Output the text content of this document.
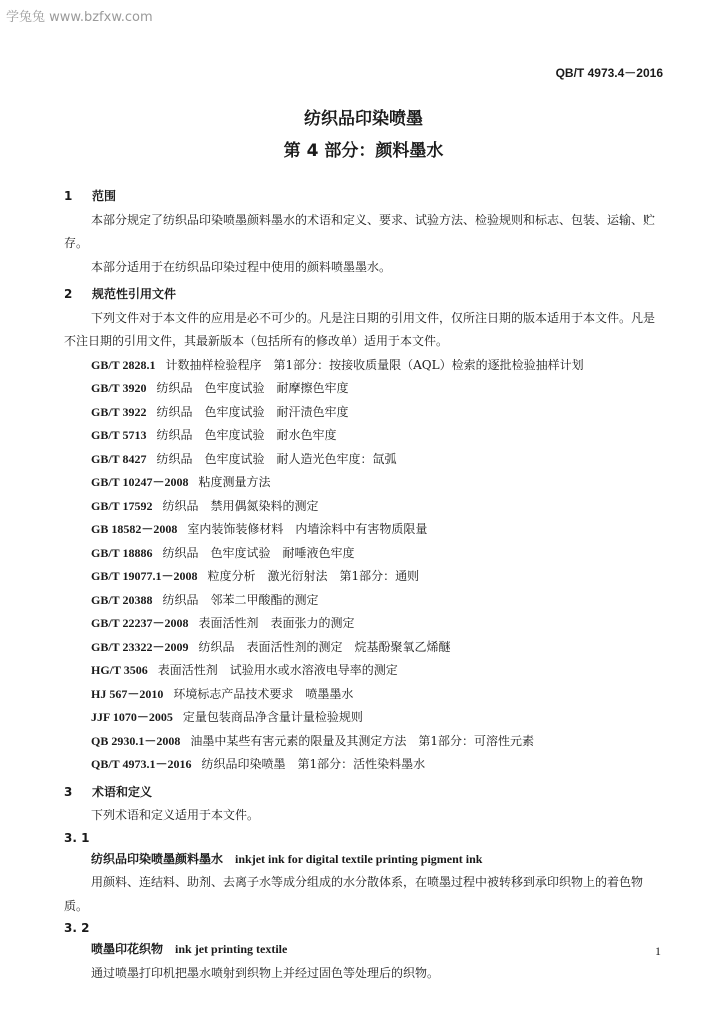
学兔兔 www.bzfxw.com
QB/T 4973.4－2016
纺织品印染喷墨
第 4 部分：颜料墨水
1 范围
本部分规定了纺织品印染喷墨颜料墨水的术语和定义、要求、试验方法、检验规则和标志、包装、运输、贮存。
本部分适用于在纺织品印染过程中使用的颜料喷墨墨水。
2 规范性引用文件
下列文件对于本文件的应用是必不可少的。凡是注日期的引用文件，仅所注日期的版本适用于本文件。凡是不注日期的引用文件，其最新版本（包括所有的修改单）适用于本文件。
GB/T 2828.1 计数抽样检验程序　第1部分：按接收质量限（AQL）检索的逐批检验抽样计划
GB/T 3920 纺织品　色牢度试验　耐摩擦色牢度
GB/T 3922 纺织品　色牢度试验　耐汗渍色牢度
GB/T 5713 纺织品　色牢度试验　耐水色牢度
GB/T 8427 纺织品　色牢度试验　耐人造光色牢度：氙弧
GB/T 10247－2008 粘度测量方法
GB/T 17592 纺织品　禁用偶氮染料的测定
GB 18582－2008 室内装饰装修材料　内墙涂料中有害物质限量
GB/T 18886 纺织品　色牢度试验　耐唾液色牢度
GB/T 19077.1－2008 粒度分析　激光衍射法　第1部分：通则
GB/T 20388 纺织品　邻苯二甲酸酯的测定
GB/T 22237－2008 表面活性剂　表面张力的测定
GB/T 23322－2009 纺织品　表面活性剂的测定　烷基酚聚氧乙烯醚
HG/T 3506 表面活性剂　试验用水或水溶液电导率的测定
HJ 567－2010 环境标志产品技术要求　喷墨墨水
JJF 1070－2005 定量包装商品净含量计量检验规则
QB 2930.1－2008 油墨中某些有害元素的限量及其测定方法　第1部分：可溶性元素
QB/T 4973.1－2016 纺织品印染喷墨　第1部分：活性染料墨水
3 术语和定义
下列术语和定义适用于本文件。
3. 1
纺织品印染喷墨颜料墨水 inkjet ink for digital textile printing pigment ink
用颜料、连结料、助剂、去离子水等成分组成的水分散体系，在喷墨过程中被转移到承印织物上的着色物质。
3. 2
喷墨印花织物 ink jet printing textile
通过喷墨打印机把墨水喷射到织物上并经过固色等处理后的织物。
1
